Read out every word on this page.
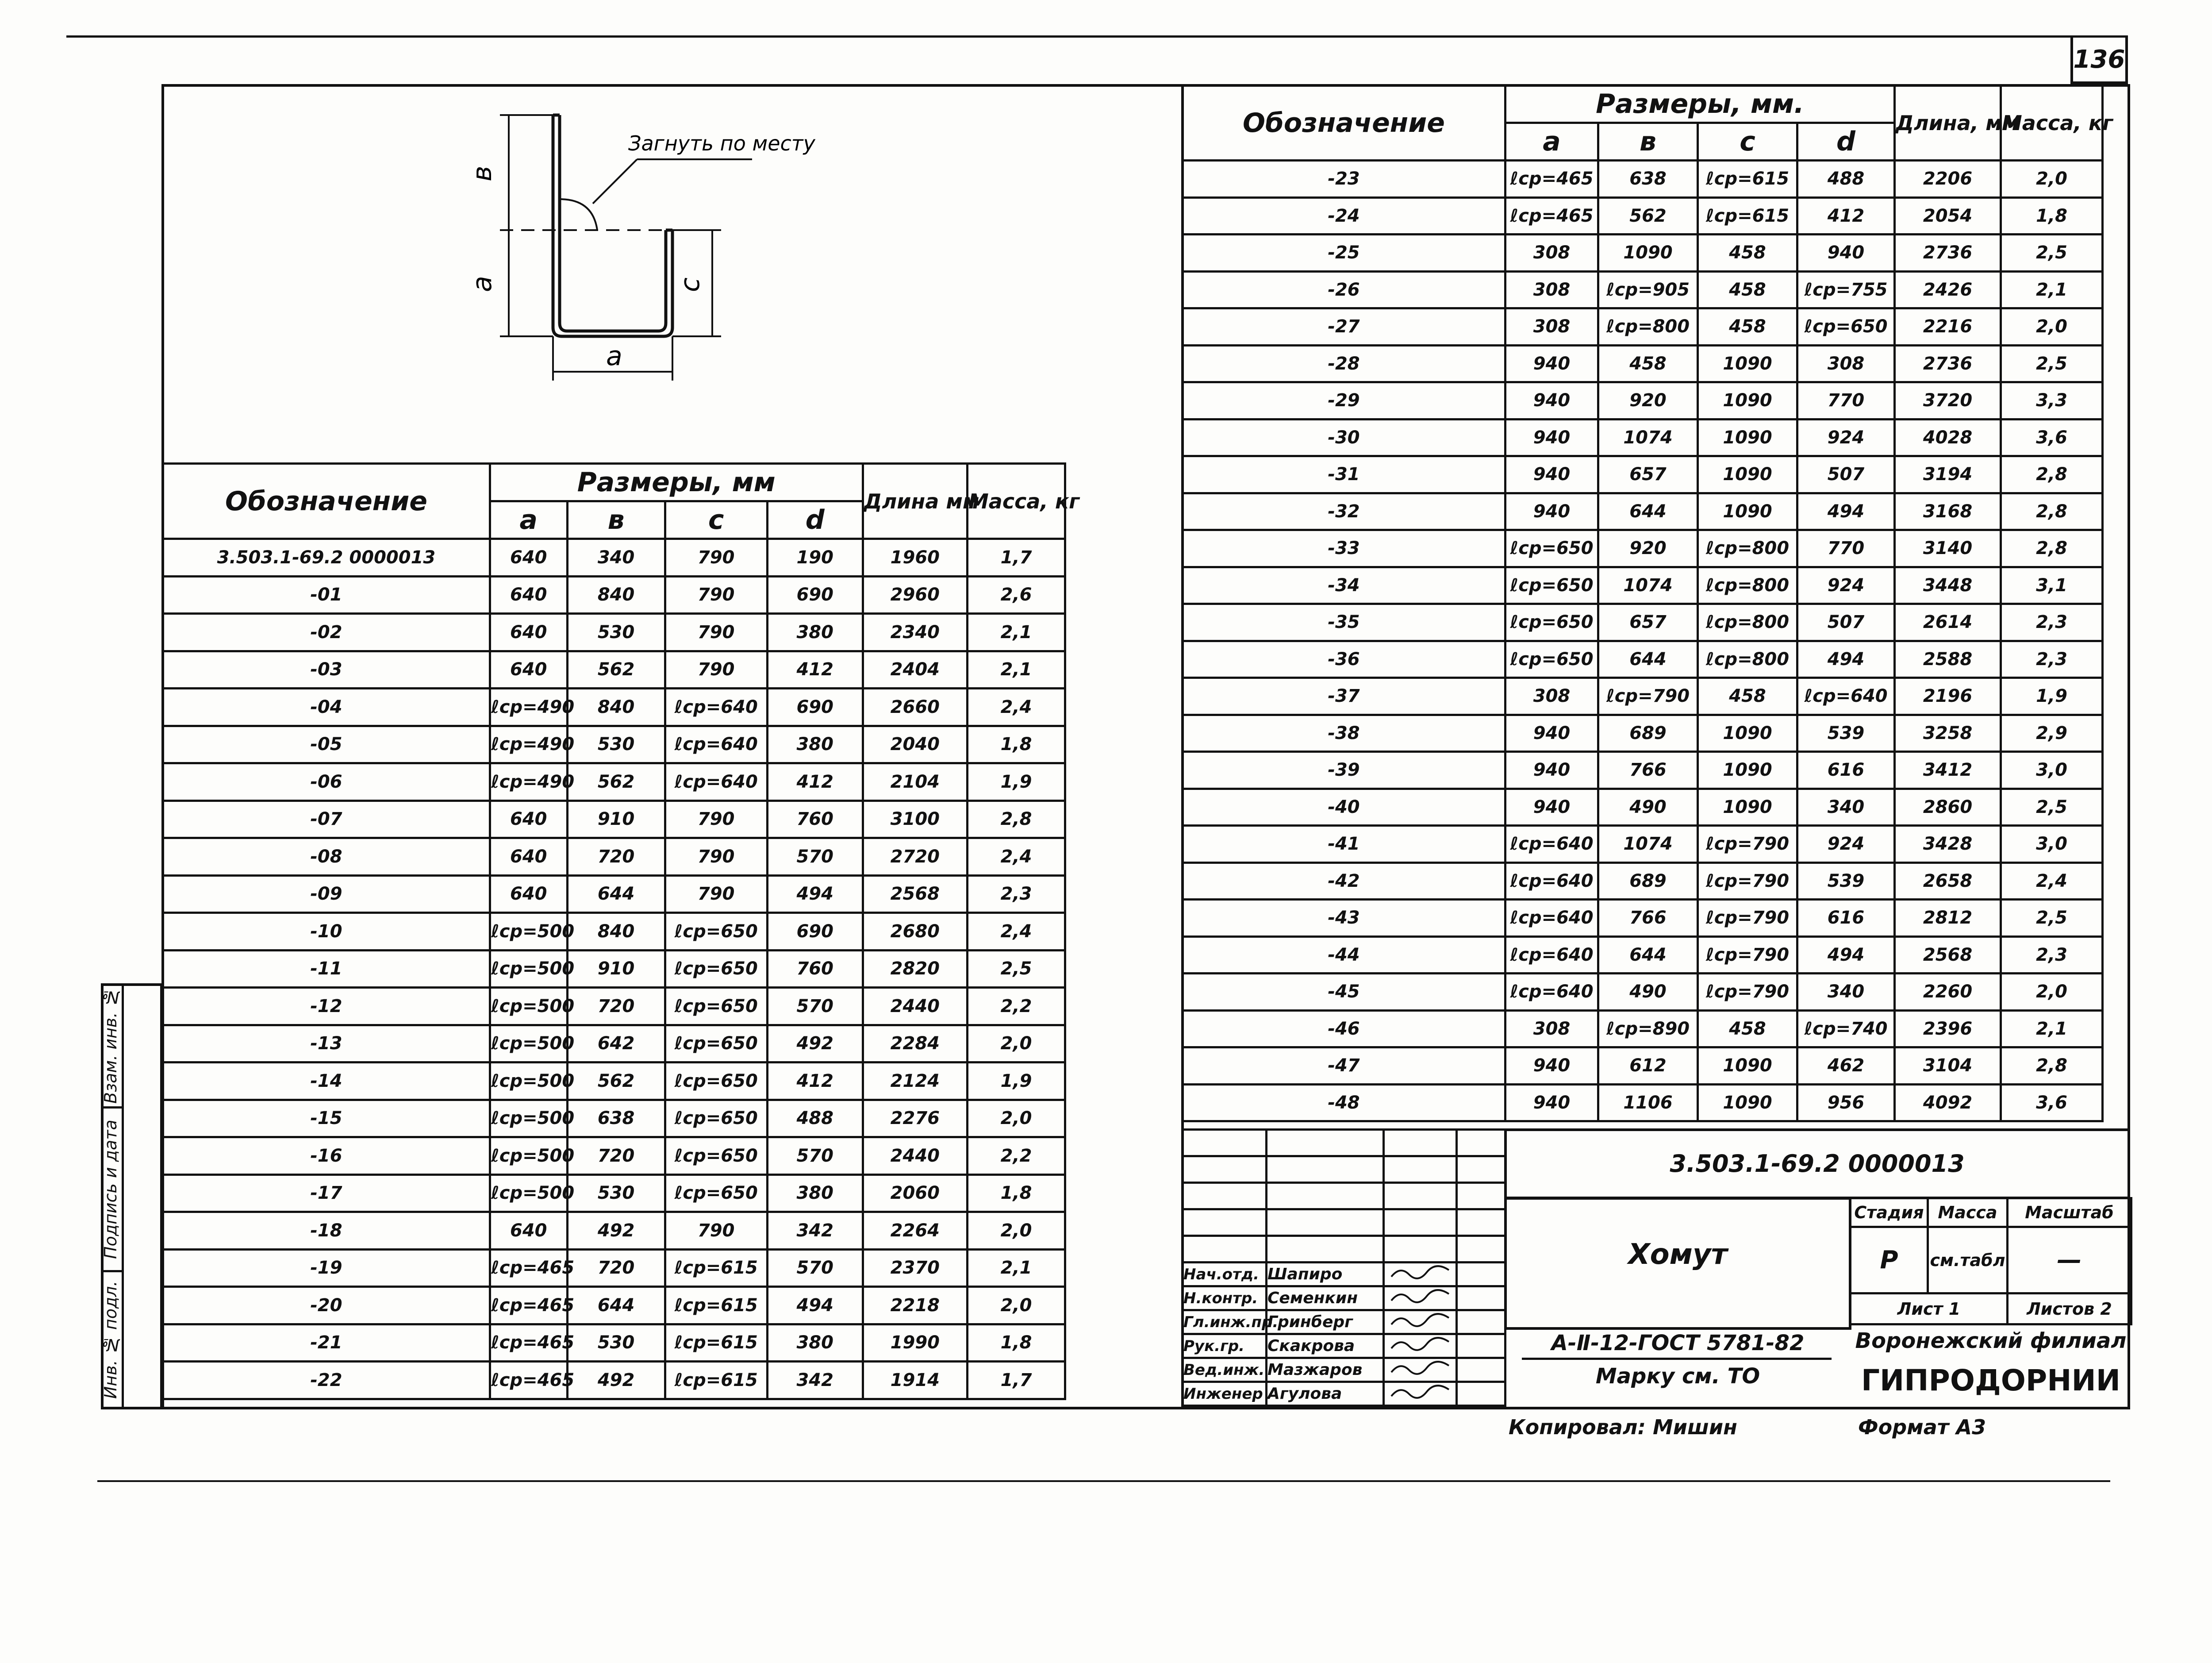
136
Взам. инв. №
Подпись и дата
Инв. № подл.
в
a	с
a
Загнуть по месту
Обозначение	Размеры, мм				Длина мм	Масса, кг
	a	в	с	d		
3.503.1-69.2 0000013	640	340	790	190	1960	1,7
-01	640	840	790	690	2960	2,6
-02	640	530	790	380	2340	2,1
-03	640	562	790	412	2404	2,1
-04	ℓср=490	840	ℓср=640	690	2660	2,4
-05	ℓср=490	530	ℓср=640	380	2040	1,8
-06	ℓср=490	562	ℓср=640	412	2104	1,9
-07	640	910	790	760	3100	2,8
-08	640	720	790	570	2720	2,4
-09	640	644	790	494	2568	2,3
-10	ℓср=500	840	ℓср=650	690	2680	2,4
-11	ℓср=500	910	ℓср=650	760	2820	2,5
-12	ℓср=500	720	ℓср=650	570	2440	2,2
-13	ℓср=500	642	ℓср=650	492	2284	2,0
-14	ℓср=500	562	ℓср=650	412	2124	1,9
-15	ℓср=500	638	ℓср=650	488	2276	2,0
-16	ℓср=500	720	ℓср=650	570	2440	2,2
-17	ℓср=500	530	ℓср=650	380	2060	1,8
-18	640	492	790	342	2264	2,0
-19	ℓср=465	720	ℓср=615	570	2370	2,1
-20	ℓср=465	644	ℓср=615	494	2218	2,0
-21	ℓср=465	530	ℓср=615	380	1990	1,8
-22	ℓср=465	492	ℓср=615	342	1914	1,7
Обозначение	Размеры, мм.				Длина, мм	Масса, кг
	a	в	с	d		
-23	ℓср=465	638	ℓср=615	488	2206	2,0
-24	ℓср=465	562	ℓср=615	412	2054	1,8
-25	308	1090	458	940	2736	2,5
-26	308	ℓср=905	458	ℓср=755	2426	2,1
-27	308	ℓср=800	458	ℓср=650	2216	2,0
-28	940	458	1090	308	2736	2,5
-29	940	920	1090	770	3720	3,3
-30	940	1074	1090	924	4028	3,6
-31	940	657	1090	507	3194	2,8
-32	940	644	1090	494	3168	2,8
-33	ℓср=650	920	ℓср=800	770	3140	2,8
-34	ℓср=650	1074	ℓср=800	924	3448	3,1
-35	ℓср=650	657	ℓср=800	507	2614	2,3
-36	ℓср=650	644	ℓср=800	494	2588	2,3
-37	308	ℓср=790	458	ℓср=640	2196	1,9
-38	940	689	1090	539	3258	2,9
-39	940	766	1090	616	3412	3,0
-40	940	490	1090	340	2860	2,5
-41	ℓср=640	1074	ℓср=790	924	3428	3,0
-42	ℓср=640	689	ℓср=790	539	2658	2,4
-43	ℓср=640	766	ℓср=790	616	2812	2,5
-44	ℓср=640	644	ℓср=790	494	2568	2,3
-45	ℓср=640	490	ℓср=790	340	2260	2,0
-46	308	ℓср=890	458	ℓср=740	2396	2,1
-47	940	612	1090	462	3104	2,8
-48	940	1106	1090	956	4092	3,6

Нач.отд.	Шапиро		
Н.контр.	Семенкин		
Гл.инж.пр.	Гринберг		
Рук.гр.	Скакрова		
Вед.инж.	Мазжаров		
Инженер	Агулова		
3.503.1-69.2 0000013
Хомут
Стадия	Масса	Масштаб
Р	см.табл	—
Лист 1		Листов 2
А-Ⅱ-12-ГОСТ 5781-82
Марку см. ТО
Воронежский филиал
ГИПРОДОРНИИ
Копировал: Мишин	Формат А3
